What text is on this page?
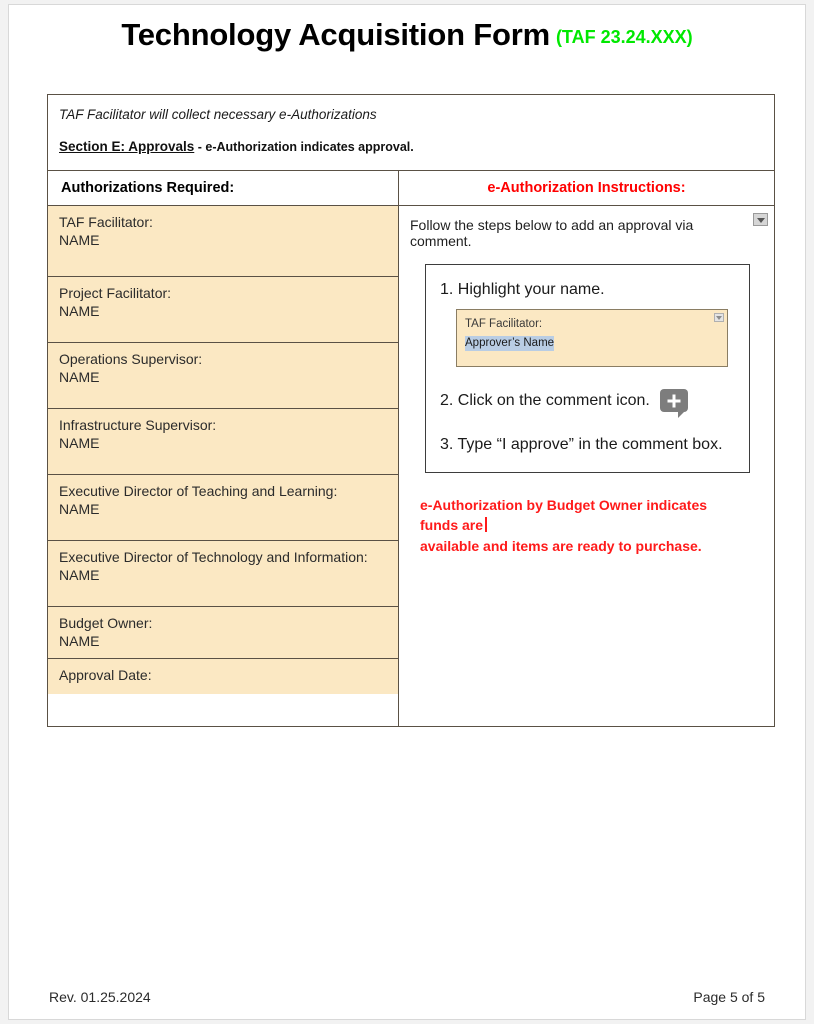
Technology Acquisition Form (TAF 23.24.XXX)
TAF Facilitator will collect necessary e-Authorizations
Section E: Approvals - e-Authorization indicates approval.
Authorizations Required:
TAF Facilitator:
NAME
Project Facilitator:
NAME
Operations Supervisor:
NAME
Infrastructure Supervisor:
NAME
Executive Director of Teaching and Learning:
NAME
Executive Director of Technology and Information:
NAME
Budget Owner:
NAME
Approval Date:
e-Authorization Instructions:
Follow the steps below to add an approval via comment.
1. Highlight your name.
TAF Facilitator:
Approver’s Name
2. Click on the comment icon.
3. Type “I approve” in the comment box.
e-Authorization by Budget Owner indicates funds are
available and items are ready to purchase.
Rev. 01.25.2024	Page 5 of 5
